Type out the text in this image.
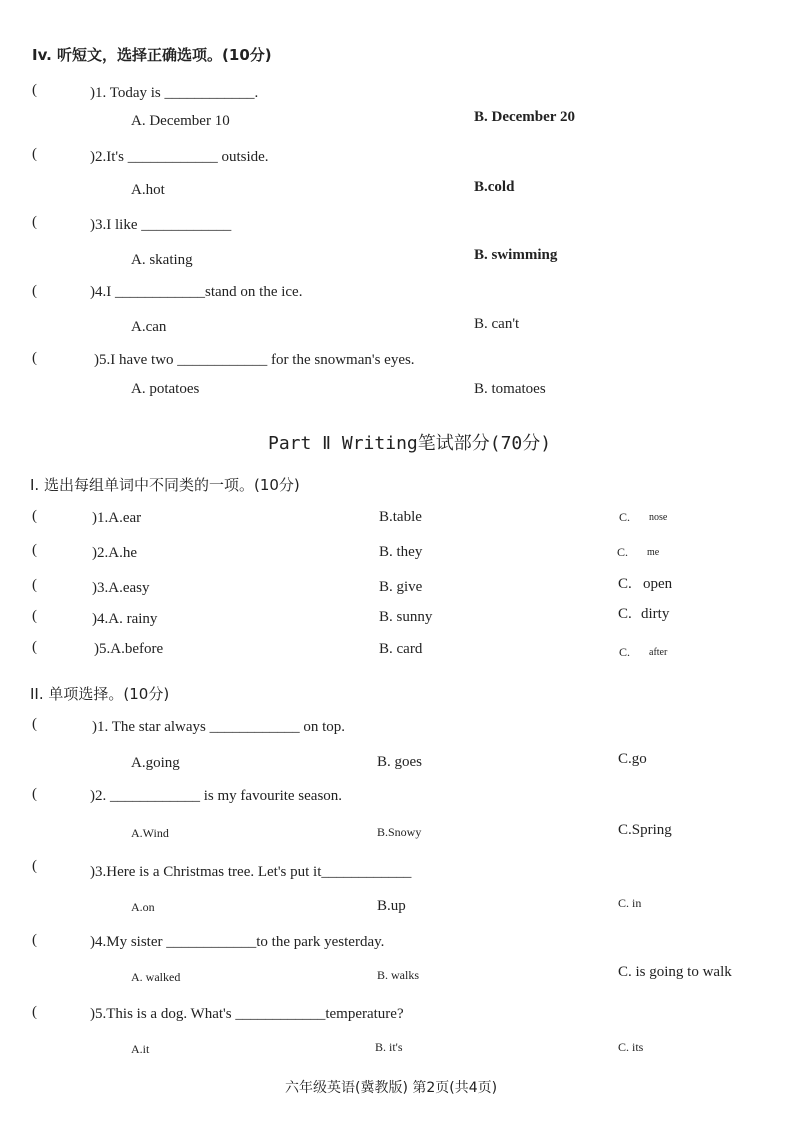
Iv. 听短文，选择正确选项。(10分)
(	)1. Today is ____________.
A. December 10	B. December 20
(	)2.It's ____________ outside.
A.hot	B.cold
(	)3.I like ____________
A. skating	B. swimming
(	)4.I ____________stand on the ice.
A.can	B. can't
(	)5.I have two ____________ for the snowman's eyes.
A. potatoes	B. tomatoes
Part Ⅱ Writing笔试部分(70分)
I. 选出每组单词中不同类的一项。(10分)
(	)1.A.ear	B.table	C. nose
(	)2.A.he	B. they	C. me
(	)3.A.easy	B. give	C. open
(	)4.A. rainy	B. sunny	C. dirty
(	)5.A.before	B. card	C. after
II. 单项选择。(10分)
(	)1. The star always ____________ on top.
A.going	B. goes	C.go
(	)2. ____________ is my favourite season.
A.Wind	B.Snowy	C.Spring
(	)3.Here is a Christmas tree. Let's put it____________
A.on	B.up	C. in
(	)4.My sister ____________to the park yesterday.
A. walked	B. walks	C. is going to walk
(	)5.This is a dog. What's ____________temperature?
A.it	B. it's	C. its
六年级英语(冀教版) 第2页(共4页)
